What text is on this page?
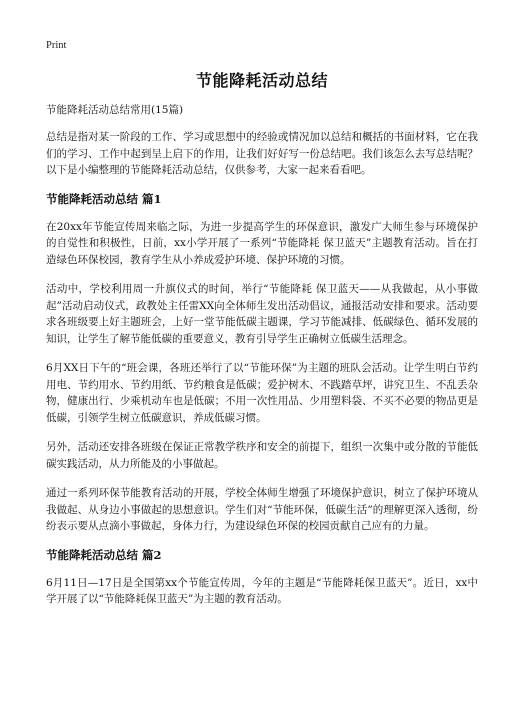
Print
节能降耗活动总结
节能降耗活动总结常用(15篇)

总结是指对某一阶段的工作、学习或思想中的经验或情况加以总结和概括的书面材料，它在我们的学习、工作中起到呈上启下的作用，让我们好好写一份总结吧。我们该怎么去写总结呢？以下是小编整理的节能降耗活动总结，仅供参考，大家一起来看看吧。

节能降耗活动总结 篇1

在20xx年节能宣传周来临之际，为进一步提高学生的环保意识，激发广大师生参与环境保护的自觉性和积极性，日前，xx小学开展了一系列“节能降耗 保卫蓝天”主题教育活动。旨在打造绿色环保校园，教育学生从小养成爱护环境、保护环境的习惯。

活动中，学校利用周一升旗仪式的时间，举行“节能降耗 保卫蓝天——从我做起，从小事做起”活动启动仪式，政教处主任雷XX向全体师生发出活动倡议，通报活动安排和要求。活动要求各班级要上好主题班会，上好一堂节能低碳主题课，学习节能减排、低碳绿色、循环发展的知识，让学生了解节能低碳的重要意义，教育引导学生正确树立低碳生活理念。

6月XX日下午的“班会课，各班还举行了以“节能环保”为主题的班队会活动。让学生明白节约用电、节约用水、节约用纸、节约粮食是低碳；爱护树木、不践踏草坪，讲究卫生、不乱丢杂物，健康出行、少乘机动车也是低碳；不用一次性用品、少用塑料袋、不买不必要的物品更是低碳，引领学生树立低碳意识，养成低碳习惯。

另外，活动还安排各班级在保证正常教学秩序和安全的前提下，组织一次集中或分散的节能低碳实践活动，从力所能及的小事做起。

通过一系列环保节能教育活动的开展，学校全体师生增强了环境保护意识，树立了保护环境从我做起、从身边小事做起的思想意识。学生们对“节能环保，低碳生活”的理解更深入透彻，纷纷表示要从点滴小事做起，身体力行，为建设绿色环保的校园贡献自己应有的力量。

节能降耗活动总结 篇2

6月11日—17日是全国第xx个节能宣传周，今年的主题是“节能降耗保卫蓝天”。近日，xx中学开展了以“节能降耗保卫蓝天”为主题的教育活动。
